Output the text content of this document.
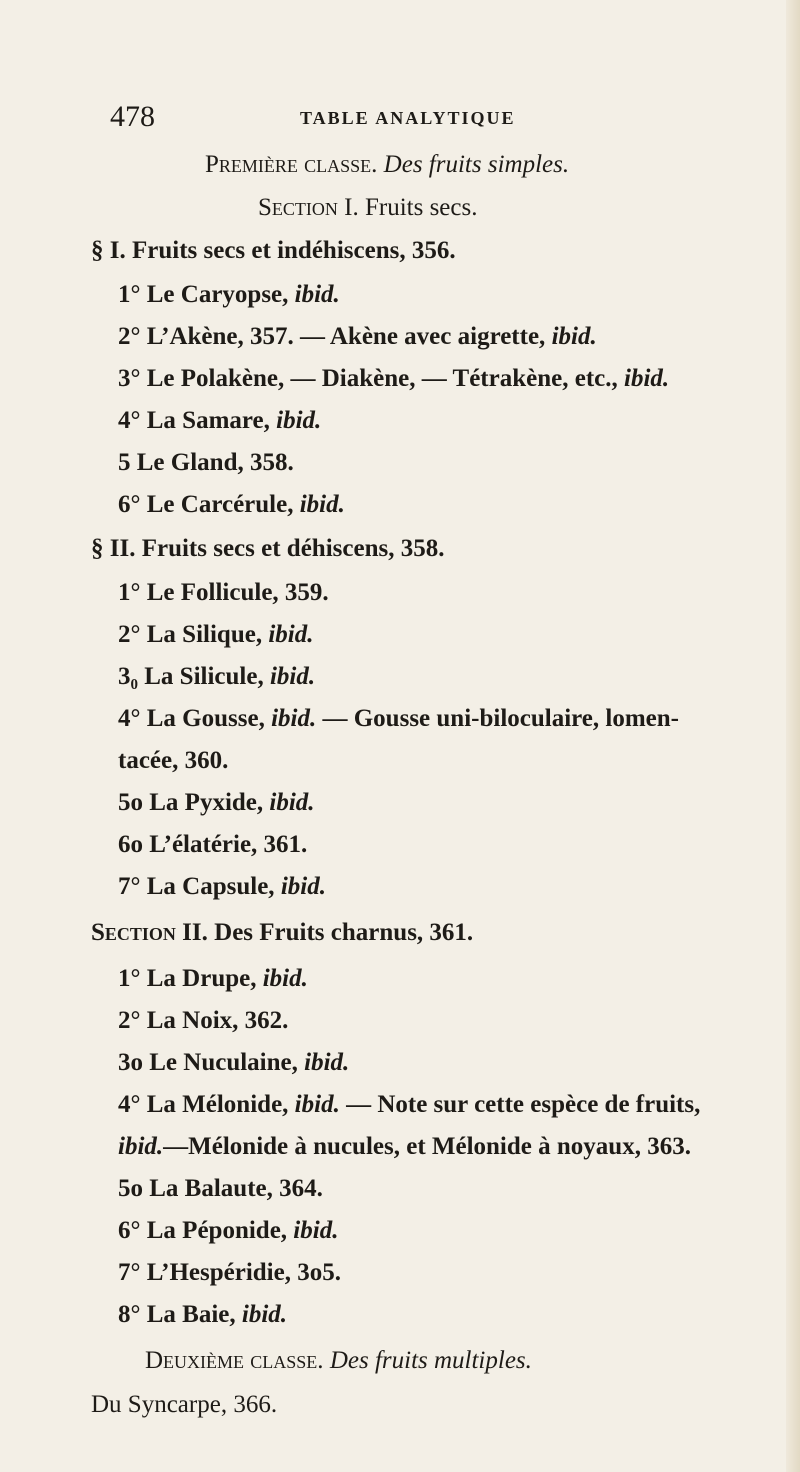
478	TABLE ANALYTIQUE
Première classe. Des fruits simples.
Section I. Fruits secs.
§ I. Fruits secs et indéhiscens, 356.
1° Le Caryopse, ibid.
2° L’Akène, 357. — Akène avec aigrette, ibid.
3° Le Polakène, — Diakène, — Tétrakène, etc., ibid.
4° La Samare, ibid.
5 Le Gland, 358.
6° Le Carcérule, ibid.
§ II. Fruits secs et déhiscens, 358.
1° Le Follicule, 359.
2° La Silique, ibid.
3₀ La Silicule, ibid.
4° La Gousse, ibid. — Gousse uni-biloculaire, lomen-
tacée, 360.
5o La Pyxide, ibid.
6o L’élatérie, 361.
7° La Capsule, ibid.
Section II. Des Fruits charnus, 361.
1° La Drupe, ibid.
2° La Noix, 362.
3o Le Nuculaine, ibid.
4° La Mélonide, ibid. — Note sur cette espèce de fruits,
ibid.—Mélonide à nucules, et Mélonide à noyaux, 363.
5o La Balaute, 364.
6° La Péponide, ibid.
7° L’Hespéridie, 3o5.
8° La Baie, ibid.
Deuxième classe. Des fruits multiples.
Du Syncarpe, 366.
